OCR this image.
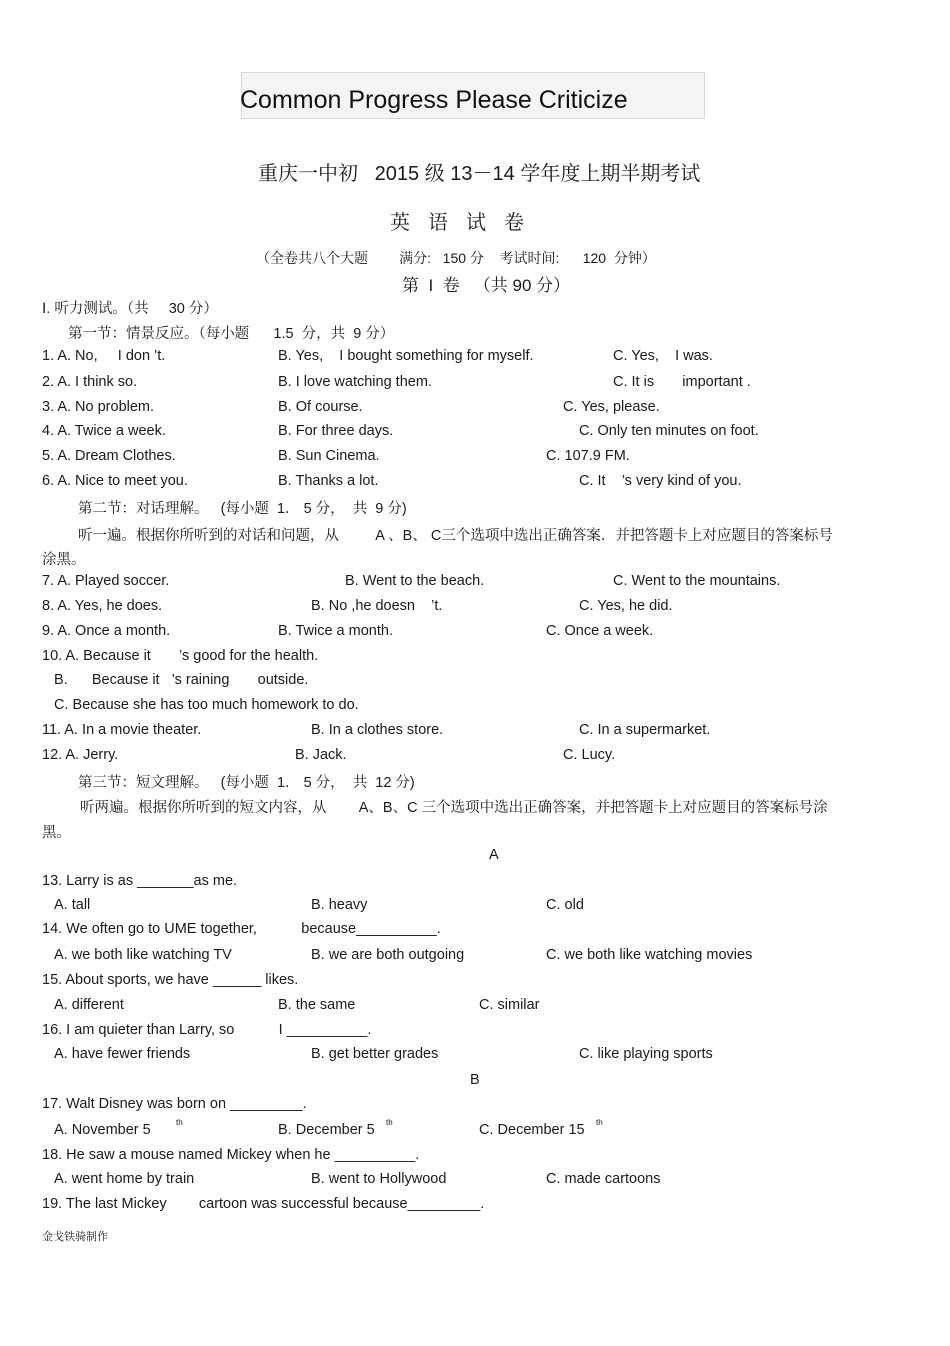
Common Progress Please Criticize
重庆一中初   2015 级 13－14 学年度上期半期考试
英语试卷
（全卷共八个大题        满分:   150 分    考试时间:      120  分钟）
第  I  卷   （共 90 分）
Ⅰ. 听力测试。（共     30 分）
第一节：情景反应。（每小题      1.5  分，共  9 分）
1. A. No,     I don ’t.	B. Yes,    I bought something for myself.	C. Yes,    I was.
2. A. I think so.	B. I love watching them.	C. It is       important .
3. A. No problem.	B. Of course.	C. Yes, please.
4. A. Twice a week.	B. For three days.	C. Only ten minutes on foot.
5. A. Dream Clothes.	B. Sun Cinema.	C. 107.9 FM.
6. A. Nice to meet you.	B. Thanks a lot.	C. It    ’s very kind of you.
第二节：对话理解。   (每小题  1． 5 分，  共  9 分)
听一遍。根据你所听到的对话和问题，从         A 、B、 C三个选项中选出正确答案．并把答题卡上对应题目的答案标号
涂黑。
7. A. Played soccer.	B. Went to the beach.	C. Went to the mountains.
8. A. Yes, he does.	B. No ,he doesn    ’t.	C. Yes, he did.
9. A. Once a month.	B. Twice a month.	C. Once a week.
10. A. Because it       ’s good for the health.
B.      Because it   ’s raining       outside.
C. Because she has too much homework to do.
11. A. In a movie theater.	B. In a clothes store.	C. In a supermarket.
12. A. Jerry.	B. Jack.	C. Lucy.
第三节：短文理解。   (每小题  1． 5 分，  共  12 分)
听两遍。根据你所听到的短文内容，从        A、B、C 三个选项中选出正确答案，并把答题卡上对应题目的答案标号涂
黑。
A
13. Larry is as _______as me.
A. tall	B. heavy	C. old
14. We often go to UME together,           because__________.
A. we both like watching TV	B. we are both outgoing	C. we both like watching movies
15. About sports, we have ______ likes.
A. different	B. the same	C. similar
16. I am quieter than Larry, so           I __________.
A. have fewer friends	B. get better grades	C. like playing sports
B
17. Walt Disney was born on _________.
A. November 5	th	B. December 5 th	C. December 15 th
18. He saw a mouse named Mickey when he __________.
A. went home by train	B. went to Hollywood	C. made cartoons
19. The last Mickey        cartoon was successful because_________.
金戈铁骑制作
